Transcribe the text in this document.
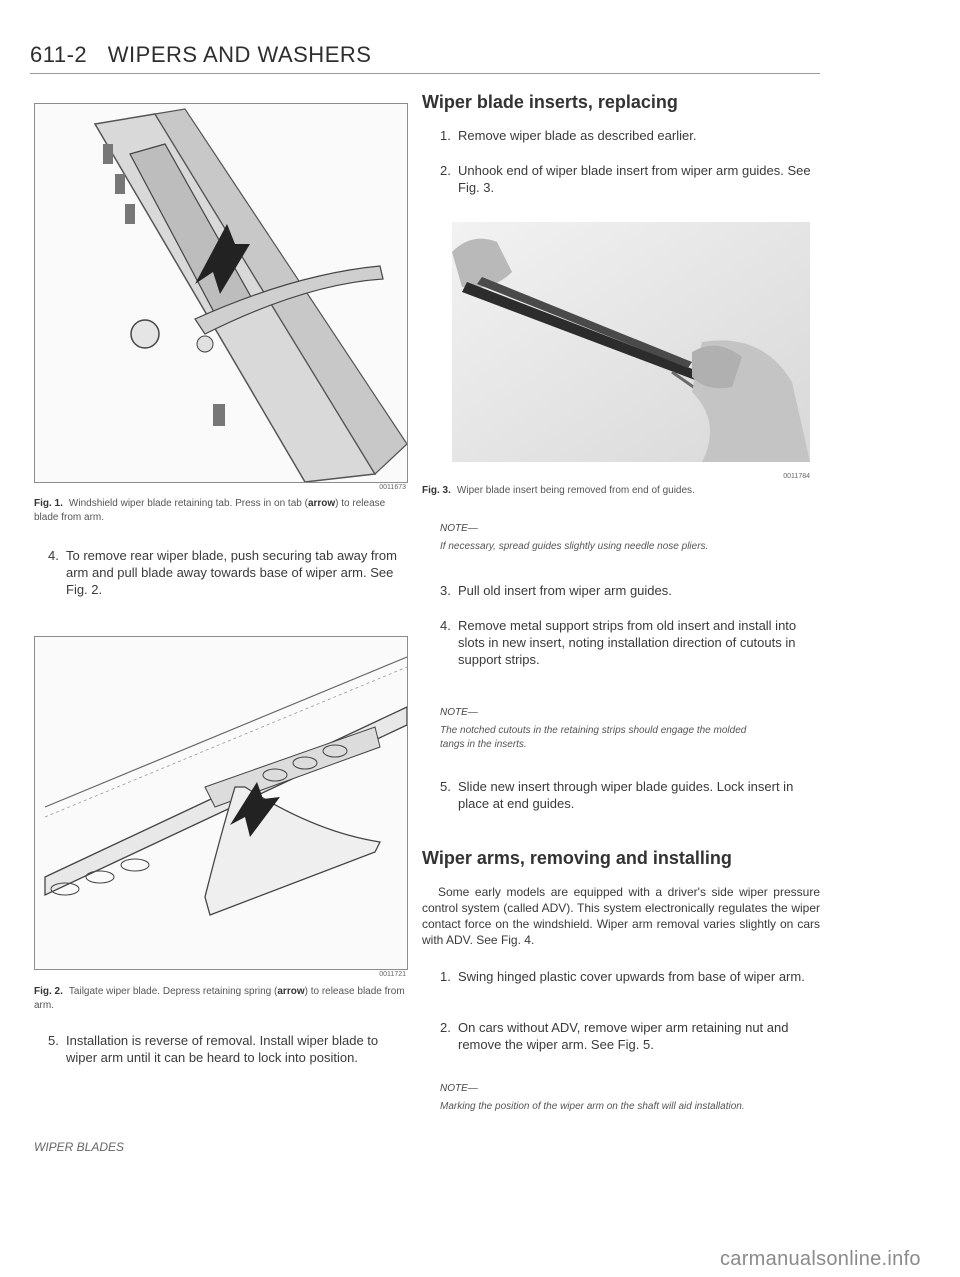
611-2 WIPERS AND WASHERS
0011673
Fig. 1. Windshield wiper blade retaining tab. Press in on tab (arrow) to release blade from arm.
4. To remove rear wiper blade, push securing tab away from arm and pull blade away towards base of wiper arm. See Fig. 2.
0011721
Fig. 2. Tailgate wiper blade. Depress retaining spring (arrow) to release blade from arm.
5. Installation is reverse of removal. Install wiper blade to wiper arm until it can be heard to lock into position.
Wiper blade inserts, replacing
1. Remove wiper blade as described earlier.
2. Unhook end of wiper blade insert from wiper arm guides. See Fig. 3.
0011784
Fig. 3. Wiper blade insert being removed from end of guides.
NOTE—
If necessary, spread guides slightly using needle nose pliers.
3. Pull old insert from wiper arm guides.
4. Remove metal support strips from old insert and install into slots in new insert, noting installation direction of cutouts in support strips.
NOTE—
The notched cutouts in the retaining strips should engage the molded tangs in the inserts.
5. Slide new insert through wiper blade guides. Lock insert in place at end guides.
Wiper arms, removing and installing
Some early models are equipped with a driver's side wiper pressure control system (called ADV). This system electronically regulates the wiper contact force on the windshield. Wiper arm removal varies slightly on cars with ADV. See Fig. 4.
1. Swing hinged plastic cover upwards from base of wiper arm.
2. On cars without ADV, remove wiper arm retaining nut and remove the wiper arm. See Fig. 5.
NOTE—
Marking the position of the wiper arm on the shaft will aid installation.
WIPER BLADES
carmanualsonline.info
